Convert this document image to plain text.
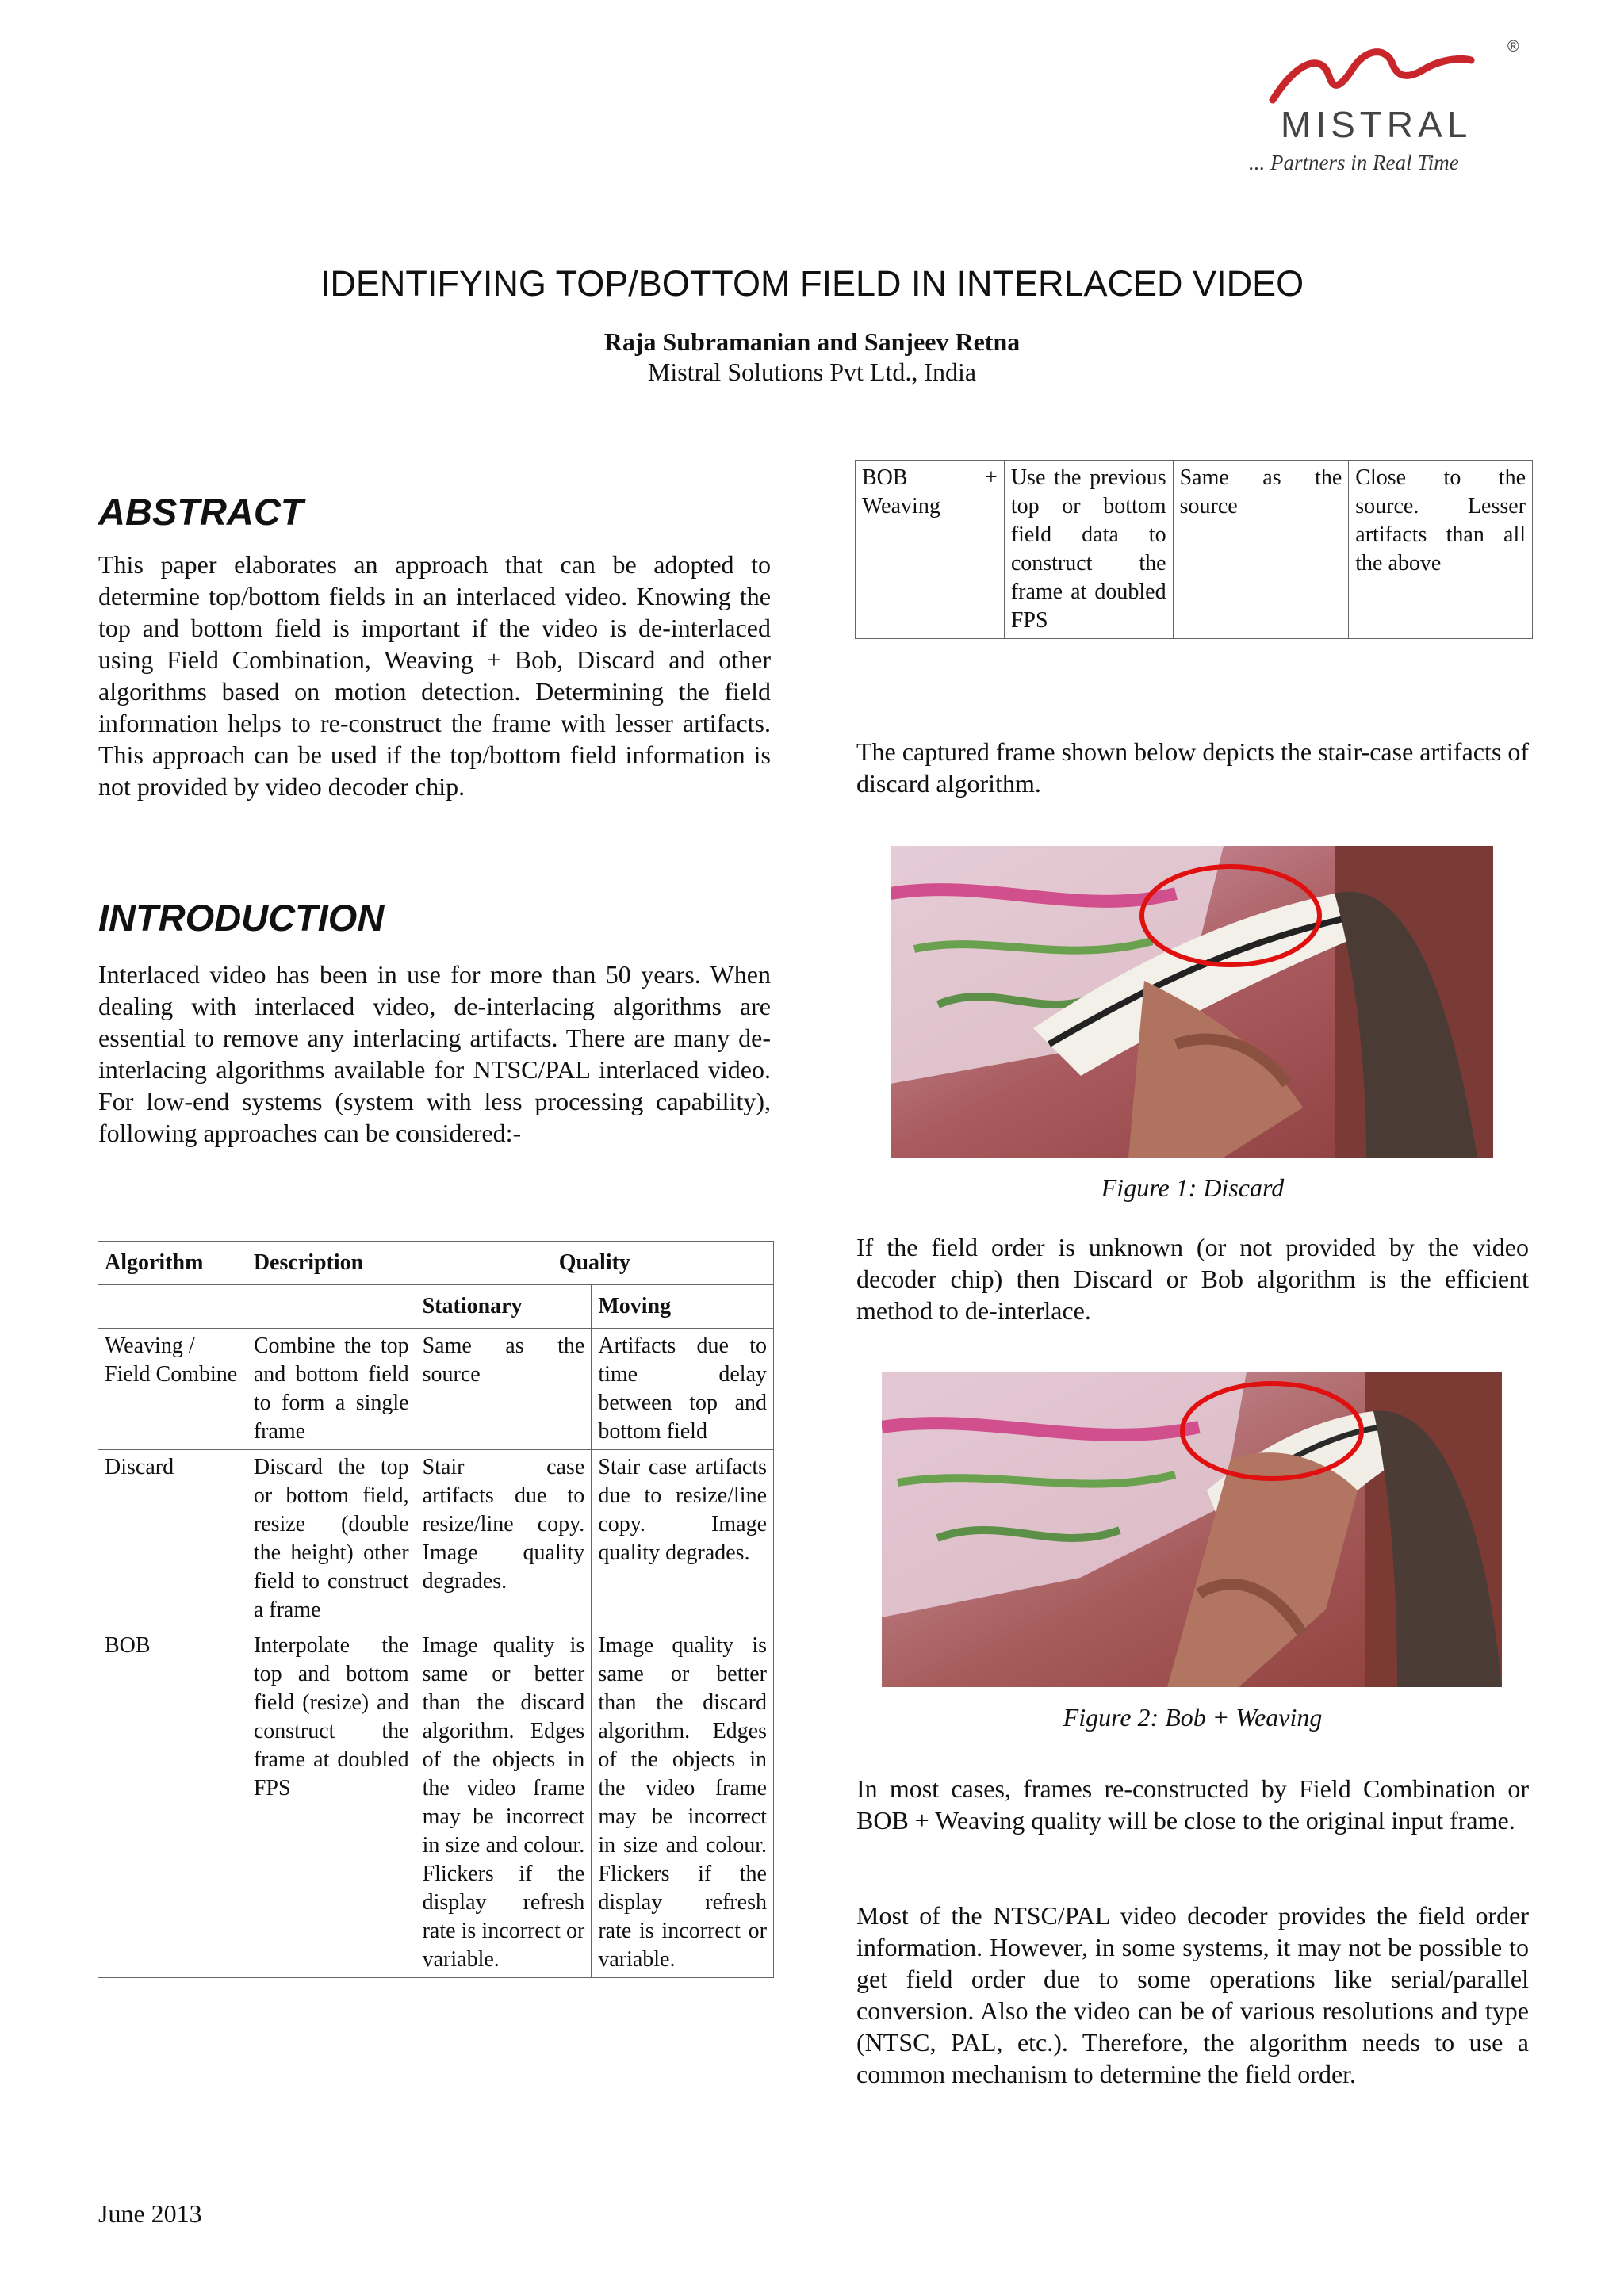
®
MISTRAL
... Partners in Real Time
IDENTIFYING TOP/BOTTOM FIELD IN INTERLACED VIDEO
Raja Subramanian and Sanjeev Retna
Mistral Solutions Pvt Ltd., India
ABSTRACT
This paper elaborates an approach that can be adopted to determine top/bottom fields in an interlaced video. Knowing the top and bottom field is important if the video is de-interlaced using Field Combination, Weaving + Bob, Discard and other algorithms based on motion detection. Determining the field information helps to re-construct the frame with lesser artifacts. This approach can be used if the top/bottom field information is not provided by video decoder chip.
INTRODUCTION
Interlaced video has been in use for more than 50 years. When dealing with interlaced video, de-interlacing algorithms are essential to remove any interlacing artifacts. There are many de-interlacing algorithms available for NTSC/PAL interlaced video. For low-end systems (system with less processing capability), following approaches can be considered:-
Algorithm	Description	Quality	
		Stationary	Moving
Weaving / Field Combine	Combine the top and bottom field to form a single frame	Same as the source	Artifacts due to time delay between top and bottom field
Discard	Discard the top or bottom field, resize (double the height) other field to construct a frame	Stair case artifacts due to resize/line copy. Image quality degrades.	Stair case artifacts due to resize/line copy. Image quality degrades.
BOB	Interpolate the top and bottom field (resize) and construct the frame at doubled FPS	Image quality is same or better than the discard algorithm. Edges of the objects in the video frame may be incorrect in size and colour. Flickers if the display refresh rate is incorrect or variable.	Image quality is same or better than the discard algorithm. Edges of the objects in the video frame may be incorrect in size and colour. Flickers if the display refresh rate is incorrect or variable.
BOB + Weaving	Use the previous top or bottom field data to construct the frame at doubled FPS	Same as the source	Close to the source. Lesser artifacts than all the above
The captured frame shown below depicts the stair-case artifacts of discard algorithm.
Figure 1: Discard
If the field order is unknown (or not provided by the video decoder chip) then Discard or Bob algorithm is the efficient method to de-interlace.
Figure 2: Bob + Weaving
In most cases, frames re-constructed by Field Combination or BOB + Weaving quality will be close to the original input frame.
Most of the NTSC/PAL video decoder provides the field order information. However, in some systems, it may not be possible to get field order due to some operations like serial/parallel conversion. Also the video can be of various resolutions and type (NTSC, PAL, etc.). Therefore, the algorithm needs to use a common mechanism to determine the field order.
June 2013
